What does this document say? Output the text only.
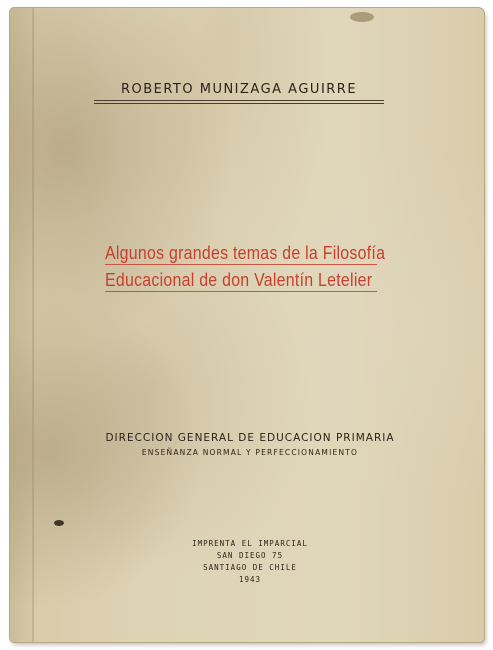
ROBERTO MUNIZAGA AGUIRRE
Algunos grandes temas de la Filosofía
Educacional de don Valentín Letelier
DIRECCION GENERAL DE EDUCACION PRIMARIA
ENSEÑANZA NORMAL Y PERFECCIONAMIENTO
IMPRENTA EL IMPARCIAL
SAN DIEGO 75
SANTIAGO DE CHILE
1943
